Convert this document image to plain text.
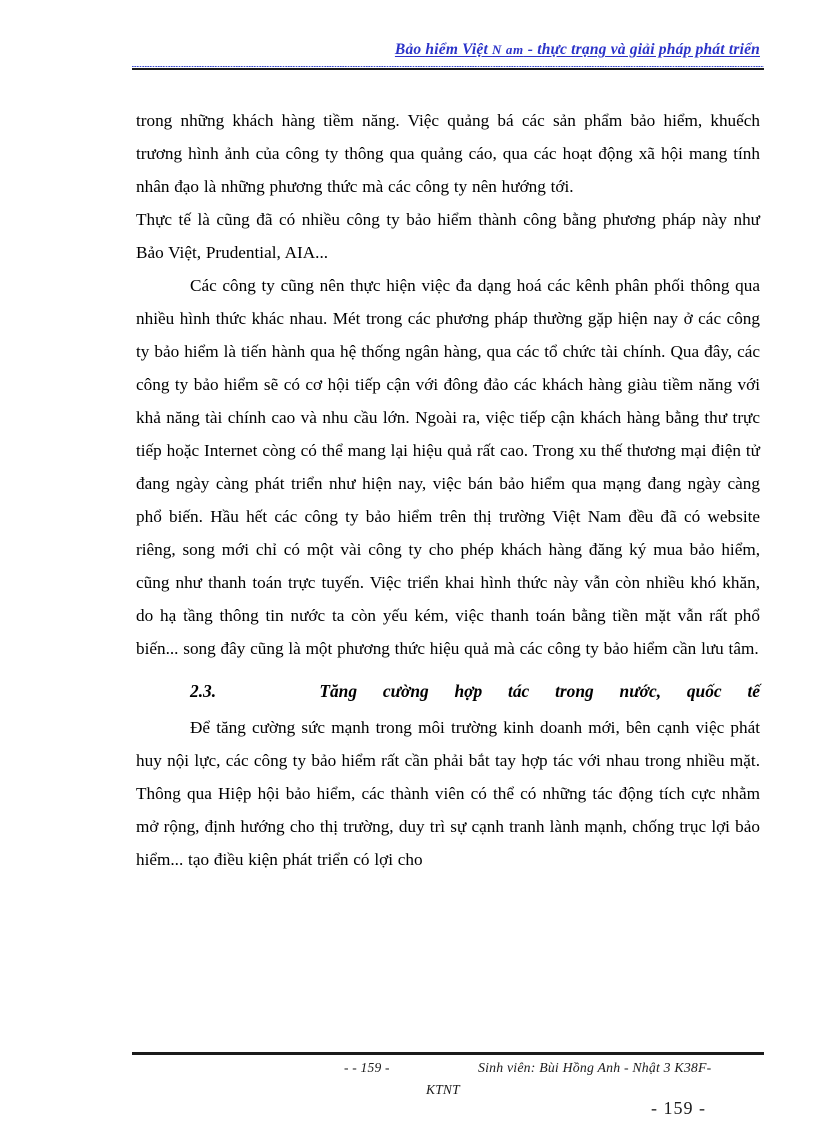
Bảo hiểm Việt N am - thực trạng và giải pháp phát triển

trong những khách hàng tiềm năng. Việc quảng bá các sản phẩm bảo hiểm, khuếch trương hình ảnh của công ty thông qua quảng cáo, qua các hoạt động xã hội mang tính nhân đạo là những phương thức mà các công ty nên hướng tới.

Thực tế là cũng đã có nhiều công ty bảo hiểm thành công bằng phương pháp này như Bảo Việt, Prudential, AIA...

Các công ty cũng nên thực hiện việc đa dạng hoá các kênh phân phối thông qua nhiều hình thức khác nhau. Mét trong các phương pháp thường gặp hiện nay ở các công ty bảo hiểm là tiến hành qua hệ thống ngân hàng, qua các tổ chức tài chính. Qua đây, các công ty bảo hiểm sẽ có cơ hội tiếp cận với đông đảo các khách hàng giàu tiềm năng với khả năng tài chính cao và nhu cầu lớn. Ngoài ra, việc tiếp cận khách hàng bằng thư trực tiếp hoặc Internet còng có thể mang lại hiệu quả rất cao. Trong xu thế thương mại điện tử đang ngày càng phát triển như hiện nay, việc bán bảo hiểm qua mạng đang ngày càng phổ biến. Hầu hết các công ty bảo hiểm trên thị trường Việt Nam đều đã có website riêng, song mới chỉ có một vài công ty cho phép khách hàng đăng ký mua bảo hiểm, cũng như thanh toán trực tuyến. Việc triển khai hình thức này vẫn còn nhiều khó khăn, do hạ tầng thông tin nước ta còn yếu kém, việc thanh toán bằng tiền mặt vẫn rất phổ biến... song đây cũng là một phương thức hiệu quả mà các công ty bảo hiểm cần lưu tâm.

2.3.	Tăng cường hợp tác trong nước, quốc tế

Để tăng cường sức mạnh trong môi trường kinh doanh mới, bên cạnh việc phát huy nội lực, các công ty bảo hiểm rất cần phải bắt tay hợp tác với nhau trong nhiều mặt. Thông qua Hiệp hội bảo hiểm, các thành viên có thể có những tác động tích cực nhằm mở rộng, định hướng cho thị trường, duy trì sự cạnh tranh lành mạnh, chống trục lợi bảo hiểm... tạo điều kiện phát triển có lợi cho

- - 159 -	Sinh viên: Bùi Hồng Anh - Nhật 3 K38F-
KTNT
- 159 -
